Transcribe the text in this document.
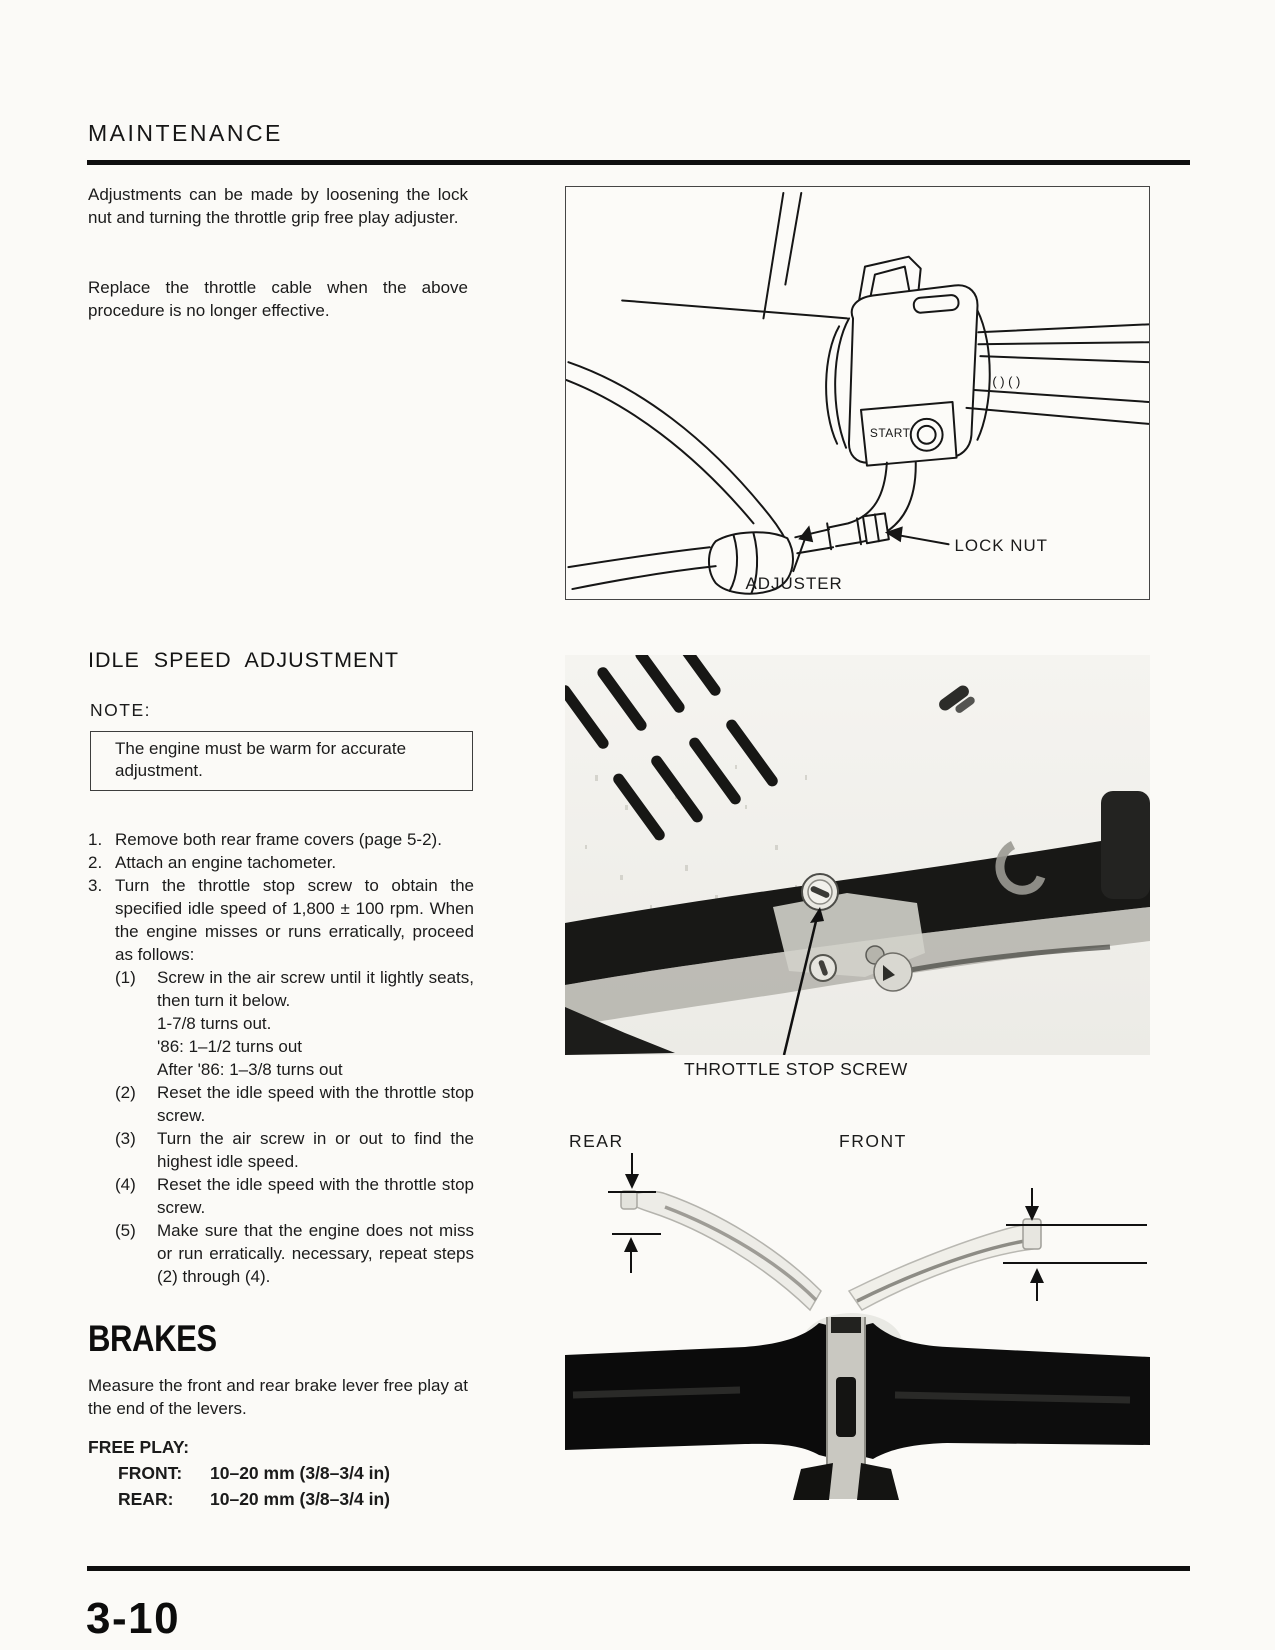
MAINTENANCE
Adjustments can be made by loosening the lock nut and turning the throttle grip free play adjuster.
Replace the throttle cable when the above procedure is no longer effective.
START
( ) ( )
LOCK NUT
ADJUSTER
IDLE SPEED ADJUSTMENT
NOTE:
The engine must be warm for accurate adjustment.
1. Remove both rear frame covers (page 5-2).
2. Attach an engine tachometer.
3. Turn the throttle stop screw to obtain the specified idle speed of 1,800 ± 100 rpm. When the engine misses or runs erratically, proceed as follows:
(1)	Screw in the air screw until it lightly seats, then turn it below.
1-7/8 turns out.
'86: 1–1/2 turns out
After '86: 1–3/8 turns out
(2)	Reset the idle speed with the throttle stop screw.
(3)	Turn the air screw in or out to find the highest idle speed.
(4)	Reset the idle speed with the throttle stop screw.
(5)	Make sure that the engine does not miss or run erratically. necessary, repeat steps (2) through (4).
THROTTLE STOP SCREW
BRAKES
Measure the front and rear brake lever free play at the end of the levers.
FREE PLAY:
FRONT:	10–20 mm (3/8–3/4 in)
REAR:	10–20 mm (3/8–3/4 in)
REAR	FRONT
3-10
